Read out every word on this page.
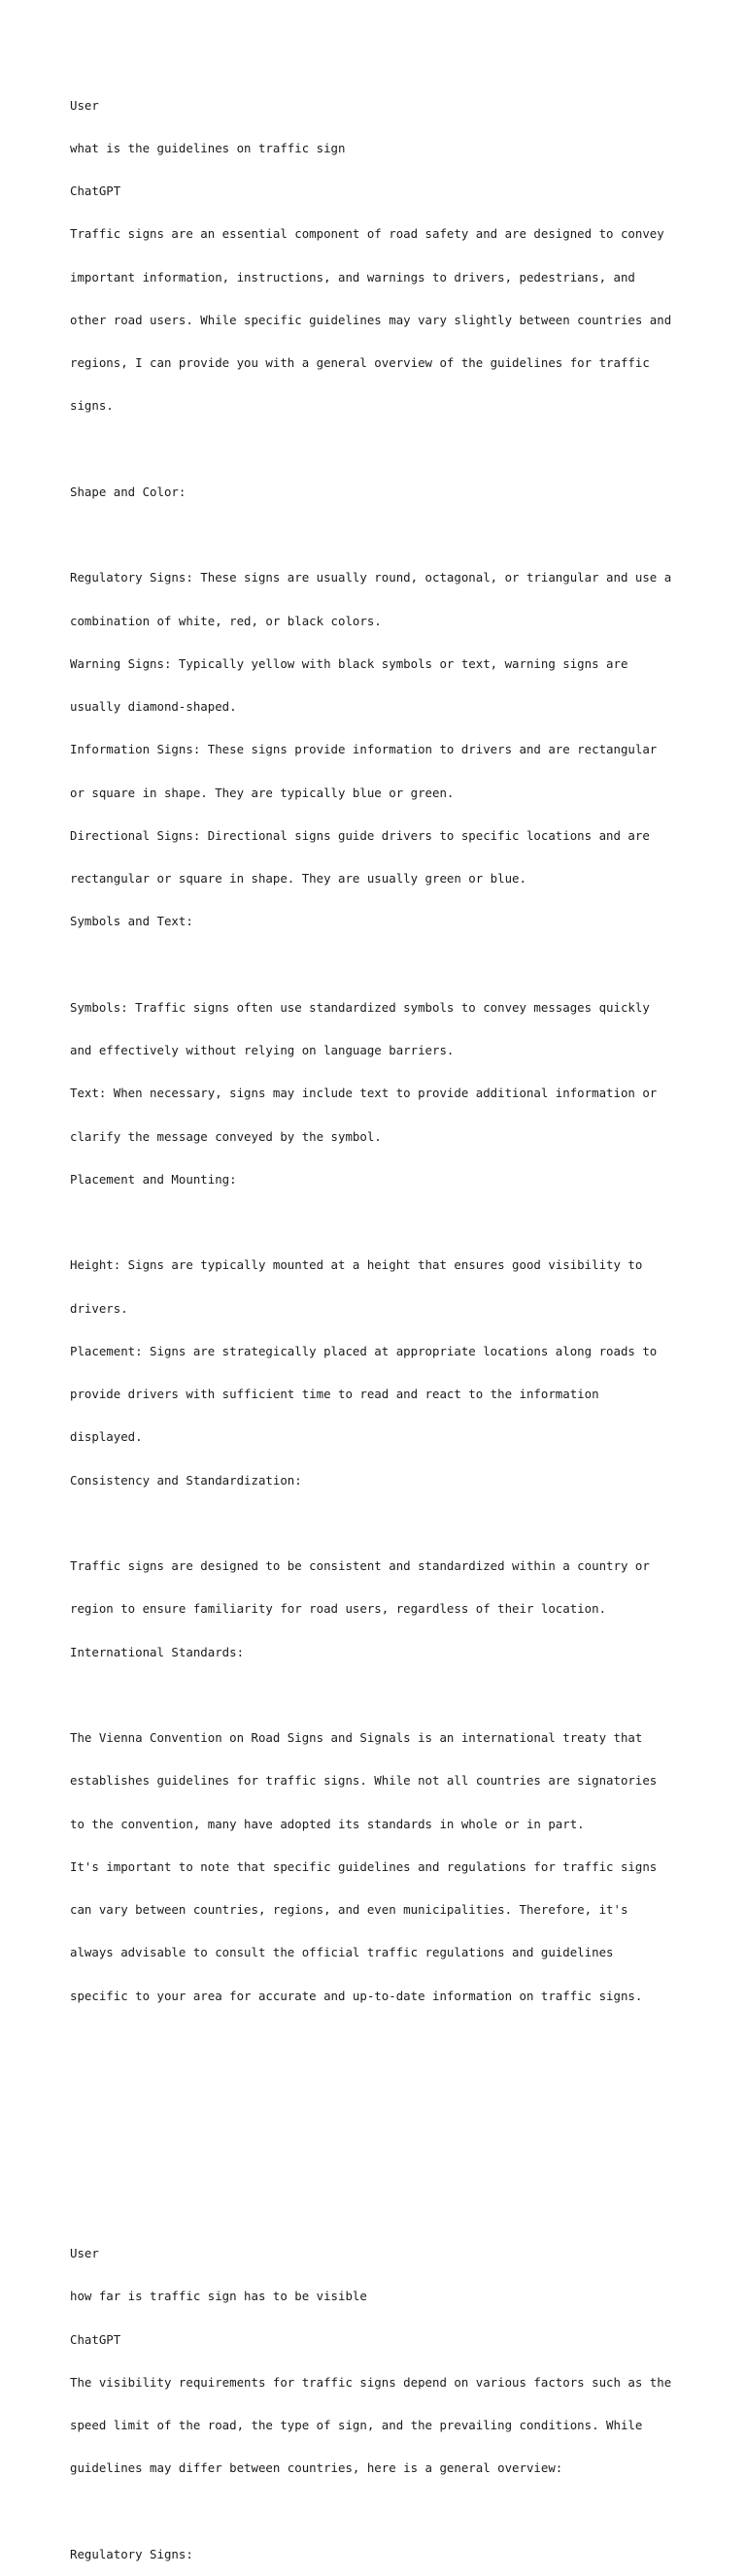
User

what is the guidelines on traffic sign

ChatGPT

Traffic signs are an essential component of road safety and are designed to convey

important information, instructions, and warnings to drivers, pedestrians, and

other road users. While specific guidelines may vary slightly between countries and

regions, I can provide you with a general overview of the guidelines for traffic

signs.

Shape and Color:

Regulatory Signs: These signs are usually round, octagonal, or triangular and use a

combination of white, red, or black colors.

Warning Signs: Typically yellow with black symbols or text, warning signs are

usually diamond-shaped.

Information Signs: These signs provide information to drivers and are rectangular

or square in shape. They are typically blue or green.

Directional Signs: Directional signs guide drivers to specific locations and are

rectangular or square in shape. They are usually green or blue.

Symbols and Text:

Symbols: Traffic signs often use standardized symbols to convey messages quickly

and effectively without relying on language barriers.

Text: When necessary, signs may include text to provide additional information or

clarify the message conveyed by the symbol.

Placement and Mounting:

Height: Signs are typically mounted at a height that ensures good visibility to

drivers.

Placement: Signs are strategically placed at appropriate locations along roads to

provide drivers with sufficient time to read and react to the information

displayed.

Consistency and Standardization:

Traffic signs are designed to be consistent and standardized within a country or

region to ensure familiarity for road users, regardless of their location.

International Standards:

The Vienna Convention on Road Signs and Signals is an international treaty that

establishes guidelines for traffic signs. While not all countries are signatories

to the convention, many have adopted its standards in whole or in part.

It's important to note that specific guidelines and regulations for traffic signs

can vary between countries, regions, and even municipalities. Therefore, it's

always advisable to consult the official traffic regulations and guidelines

specific to your area for accurate and up-to-date information on traffic signs.

User

how far is traffic sign has to be visible

ChatGPT

The visibility requirements for traffic signs depend on various factors such as the

speed limit of the road, the type of sign, and the prevailing conditions. While

guidelines may differ between countries, here is a general overview:

Regulatory Signs:
